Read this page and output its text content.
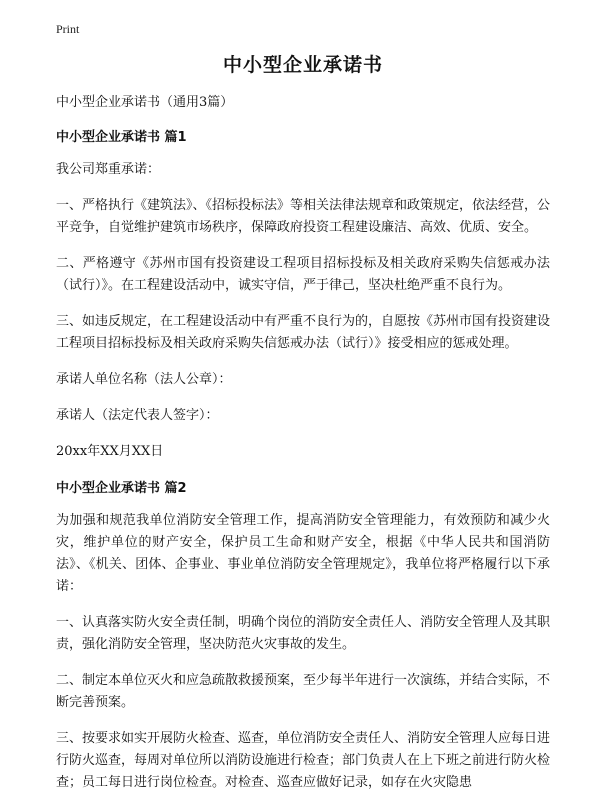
Print
中小型企业承诺书
中小型企业承诺书（通用3篇）
中小型企业承诺书 篇1

我公司郑重承诺：

一、严格执行《建筑法》、《招标投标法》等相关法律法规章和政策规定，依法经营，公平竞争，自觉维护建筑市场秩序，保障政府投资工程建设廉洁、高效、优质、安全。

二、严格遵守《苏州市国有投资建设工程项目招标投标及相关政府采购失信惩戒办法（试行）》。在工程建设活动中，诚实守信，严于律己，坚决杜绝严重不良行为。

三、如违反规定，在工程建设活动中有严重不良行为的，自愿按《苏州市国有投资建设工程项目招标投标及相关政府采购失信惩戒办法（试行）》接受相应的惩戒处理。

承诺人单位名称（法人公章）：

承诺人（法定代表人签字）：

20xx年XX月XX日

中小型企业承诺书 篇2

为加强和规范我单位消防安全管理工作，提高消防安全管理能力，有效预防和减少火灾，维护单位的财产安全，保护员工生命和财产安全，根据《中华人民共和国消防法》、《机关、团体、企事业、事业单位消防安全管理规定》，我单位将严格履行以下承诺：

一、认真落实防火安全责任制，明确个岗位的消防安全责任人、消防安全管理人及其职责，强化消防安全管理，坚决防范火灾事故的发生。

二、制定本单位灭火和应急疏散救援预案，至少每半年进行一次演练，并结合实际，不断完善预案。

三、按要求如实开展防火检查、巡查，单位消防安全责任人、消防安全管理人应每日进行防火巡查，每周对单位所以消防设施进行检查；部门负责人在上下班之前进行防火检查；员工每日进行岗位检查。对检查、巡查应做好记录，如存在火灾隐患
